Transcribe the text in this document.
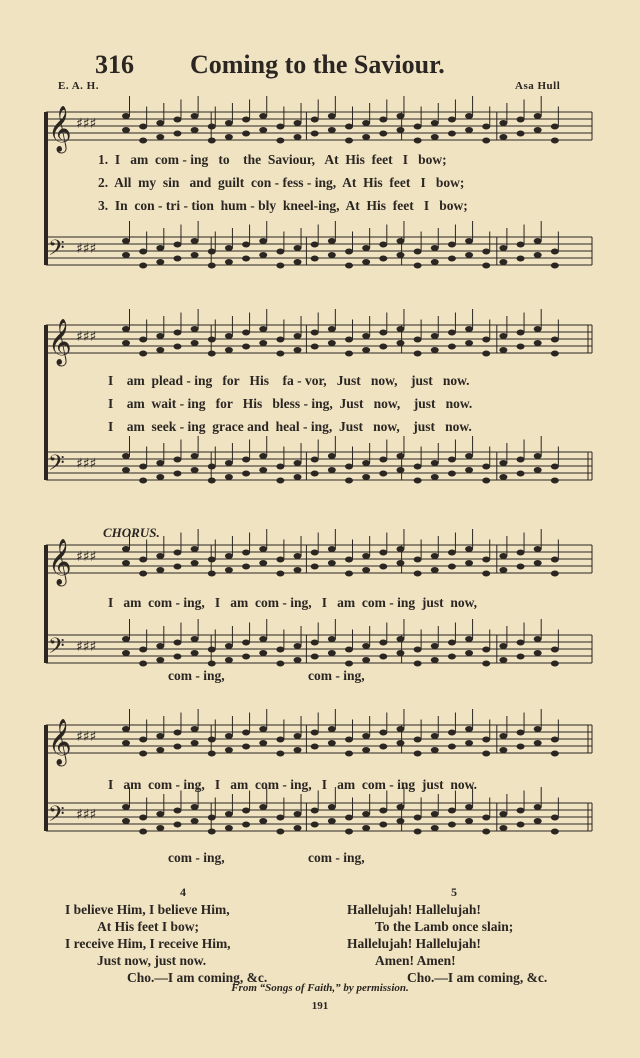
316 Coming to the Saviour.
E. A. H.	Asa Hull
𝄞 ♯♯♯
𝄢 ♯♯♯
1.  I   am  com - ing   to    the  Saviour,   At  His  feet   I   bow;
2.  All  my  sin   and  guilt  con - fess - ing,  At  His  feet   I   bow;
3.  In  con - tri - tion  hum - bly  kneel-ing,  At  His  feet   I   bow;
𝄞 ♯♯♯
𝄢 ♯♯♯
I    am  plead - ing   for   His    fa - vor,   Just   now,    just   now.
I    am  wait - ing   for   His   bless - ing,  Just   now,    just   now.
I    am  seek - ing  grace and  heal - ing,  Just   now,    just   now.
CHORUS.
𝄞 ♯♯♯
𝄢 ♯♯♯
I   am  com - ing,   I   am  com - ing,   I   am  com - ing  just  now,
com - ing,	com - ing,
𝄞 ♯♯♯
𝄢 ♯♯♯
I   am  com - ing,   I   am  com - ing,   I   am  com - ing  just  now.
com - ing,	com - ing,
4
I believe Him, I believe Him,
At His feet I bow;
I receive Him, I receive Him,
Just now, just now.
Cho.—I am coming, &c.
5
Hallelujah! Hallelujah!
To the Lamb once slain;
Hallelujah! Hallelujah!
Amen! Amen!
Cho.—I am coming, &c.
From “Songs of Faith,” by permission.
191
